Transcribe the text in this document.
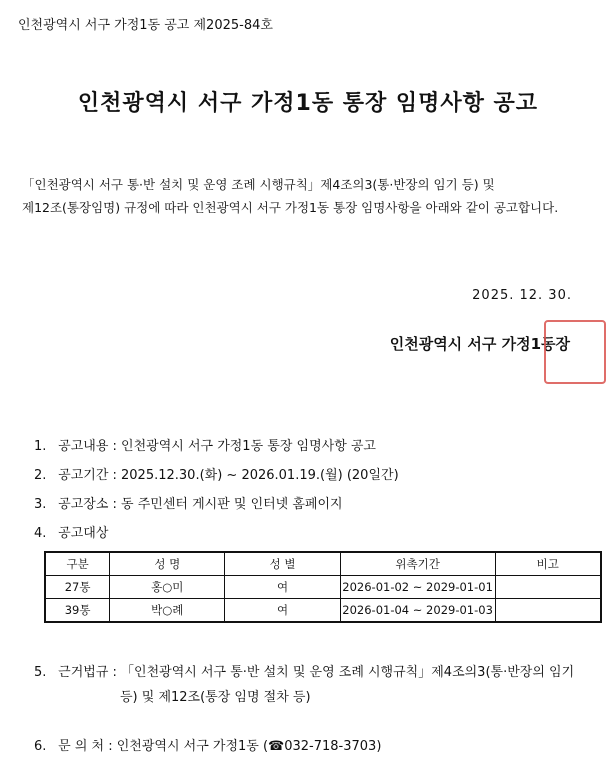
인천광역시 서구 가정1동 공고 제2025-84호
인천광역시 서구 가정1동 통장 임명사항 공고
「인천광역시 서구 통·반 설치 및 운영 조례 시행규칙」제4조의3(통·반장의 임기 등) 및
제12조(통장임명) 규정에 따라 인천광역시 서구 가정1동 통장 임명사항을 아래와 같이 공고합니다.
2025. 12. 30.
인천광역시 서구 가정1동장
1. 공고내용 : 인천광역시 서구 가정1동 통장 임명사항 공고
2. 공고기간 : 2025.12.30.(화) ~ 2026.01.19.(월) (20일간)
3. 공고장소 : 동 주민센터 게시판 및 인터넷 홈페이지
4. 공고대상
구분	성 명	성 별	위촉기간	비고
27통	홍○미	여	2026-01-02 ~ 2029-01-01	
39통	박○례	여	2026-01-04 ~ 2029-01-03	
5. 근거법규 : 「인천광역시 서구 통·반 설치 및 운영 조례 시행규칙」제4조의3(통·반장의 임기
등) 및 제12조(통장 임명 절차 등)
6. 문 의 처 : 인천광역시 서구 가정1동 (☎032-718-3703)
